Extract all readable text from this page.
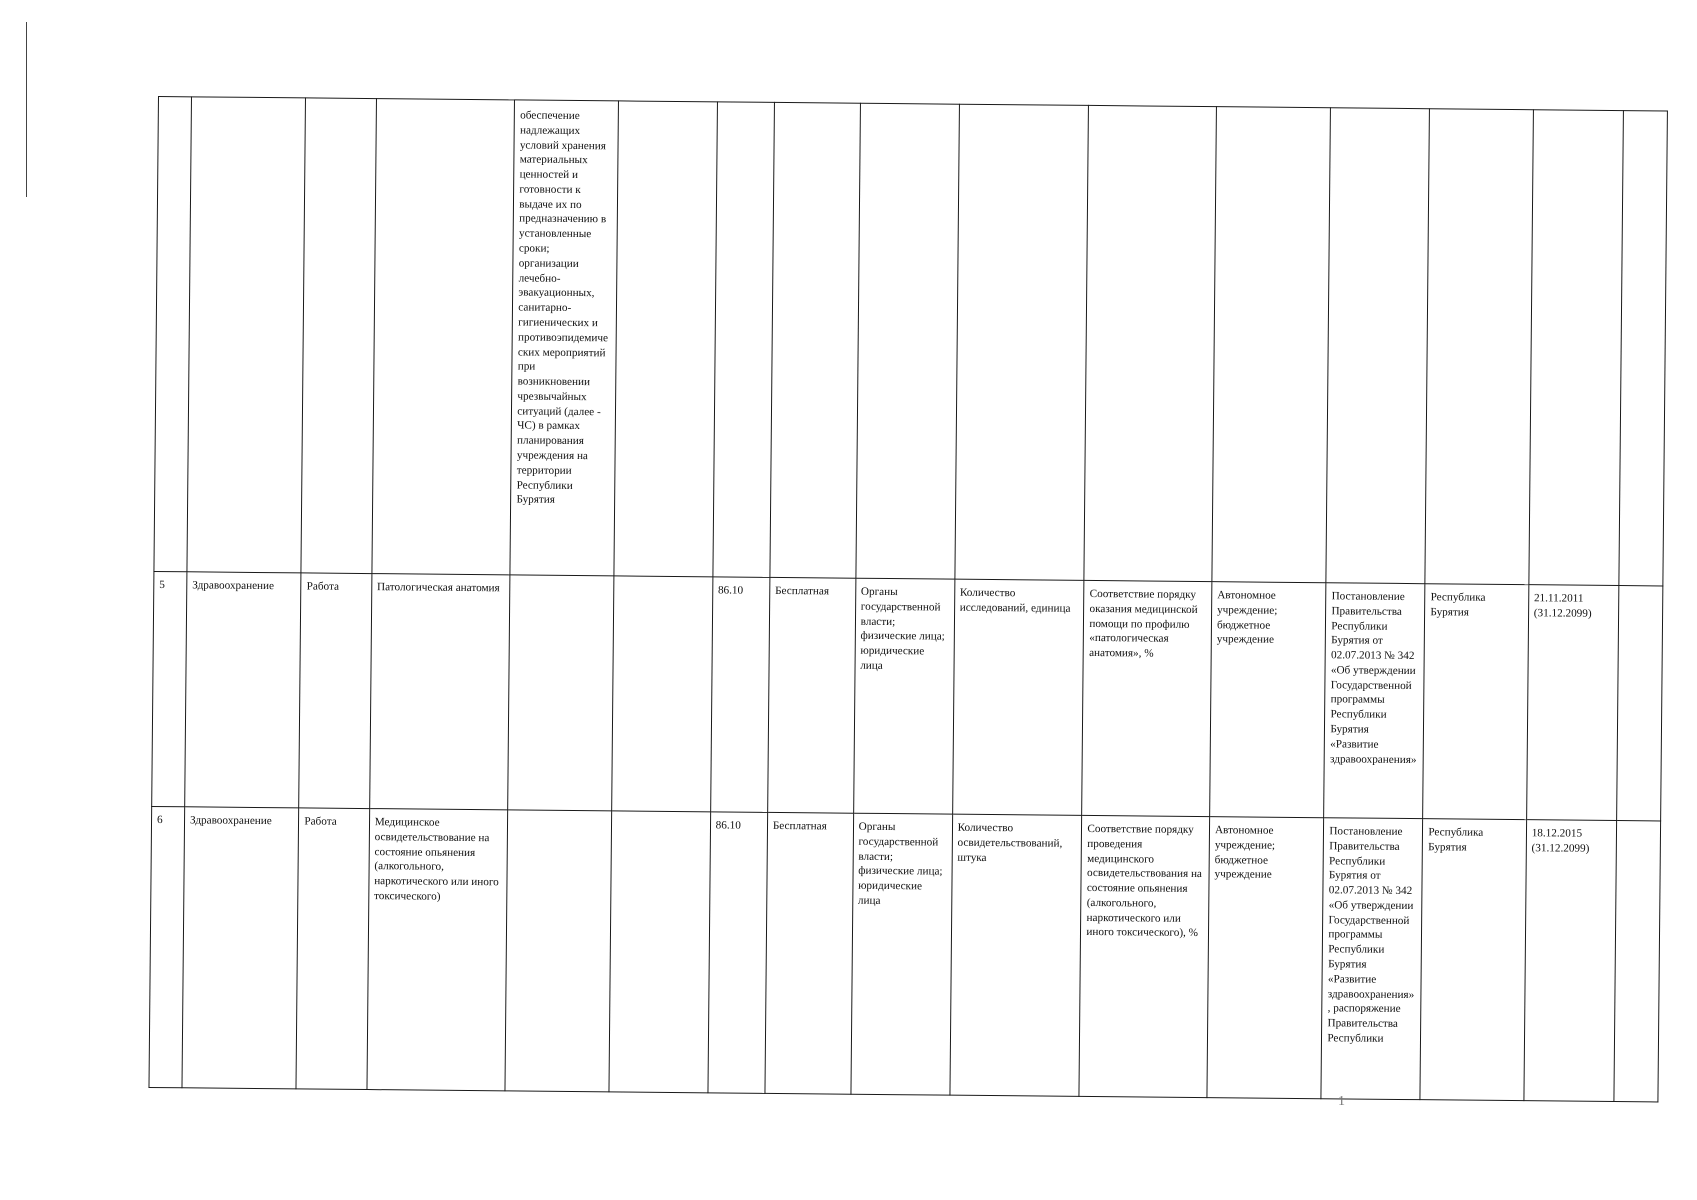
				обеспечение надлежащих условий хранения материальных ценностей и готовности к выдаче их по предназначению в установленные сроки; организации лечебно-эвакуационных, санитарно-гигиенических и противоэпидемических мероприятий при возникновении чрезвычайных ситуаций (далее - ЧС) в рамках планирования учреждения на территории Республики Бурятия											
5	Здравоохранение	Работа	Патологическая анатомия			86.10	Бесплатная	Органы государственной власти; физические лица; юридические лица	Количество исследований, единица	Соответствие порядку оказания медицинской помощи по профилю «патологическая анатомия», %	Автономное учреждение; бюджетное учреждение	Постановление Правительства Республики Бурятия от 02.07.2013 № 342 «Об утверждении Государственной программы Республики Бурятия «Развитие здравоохранения»	Республика Бурятия	21.11.2011 (31.12.2099)	
6	Здравоохранение	Работа	Медицинское освидетельствование на состояние опьянения (алкогольного, наркотического или иного токсического)			86.10	Бесплатная	Органы государственной власти; физические лица; юридические лица	Количество освидетельствований, штука	Соответствие порядку проведения медицинского освидетельствования на состояние опьянения (алкогольного, наркотического или иного токсического), %	Автономное учреждение; бюджетное учреждение	Постановление Правительства Республики Бурятия от 02.07.2013 № 342 «Об утверждении Государственной программы Республики Бурятия «Развитие здравоохранения», распоряжение Правительства Республики	Республика Бурятия	18.12.2015 (31.12.2099)	
1
